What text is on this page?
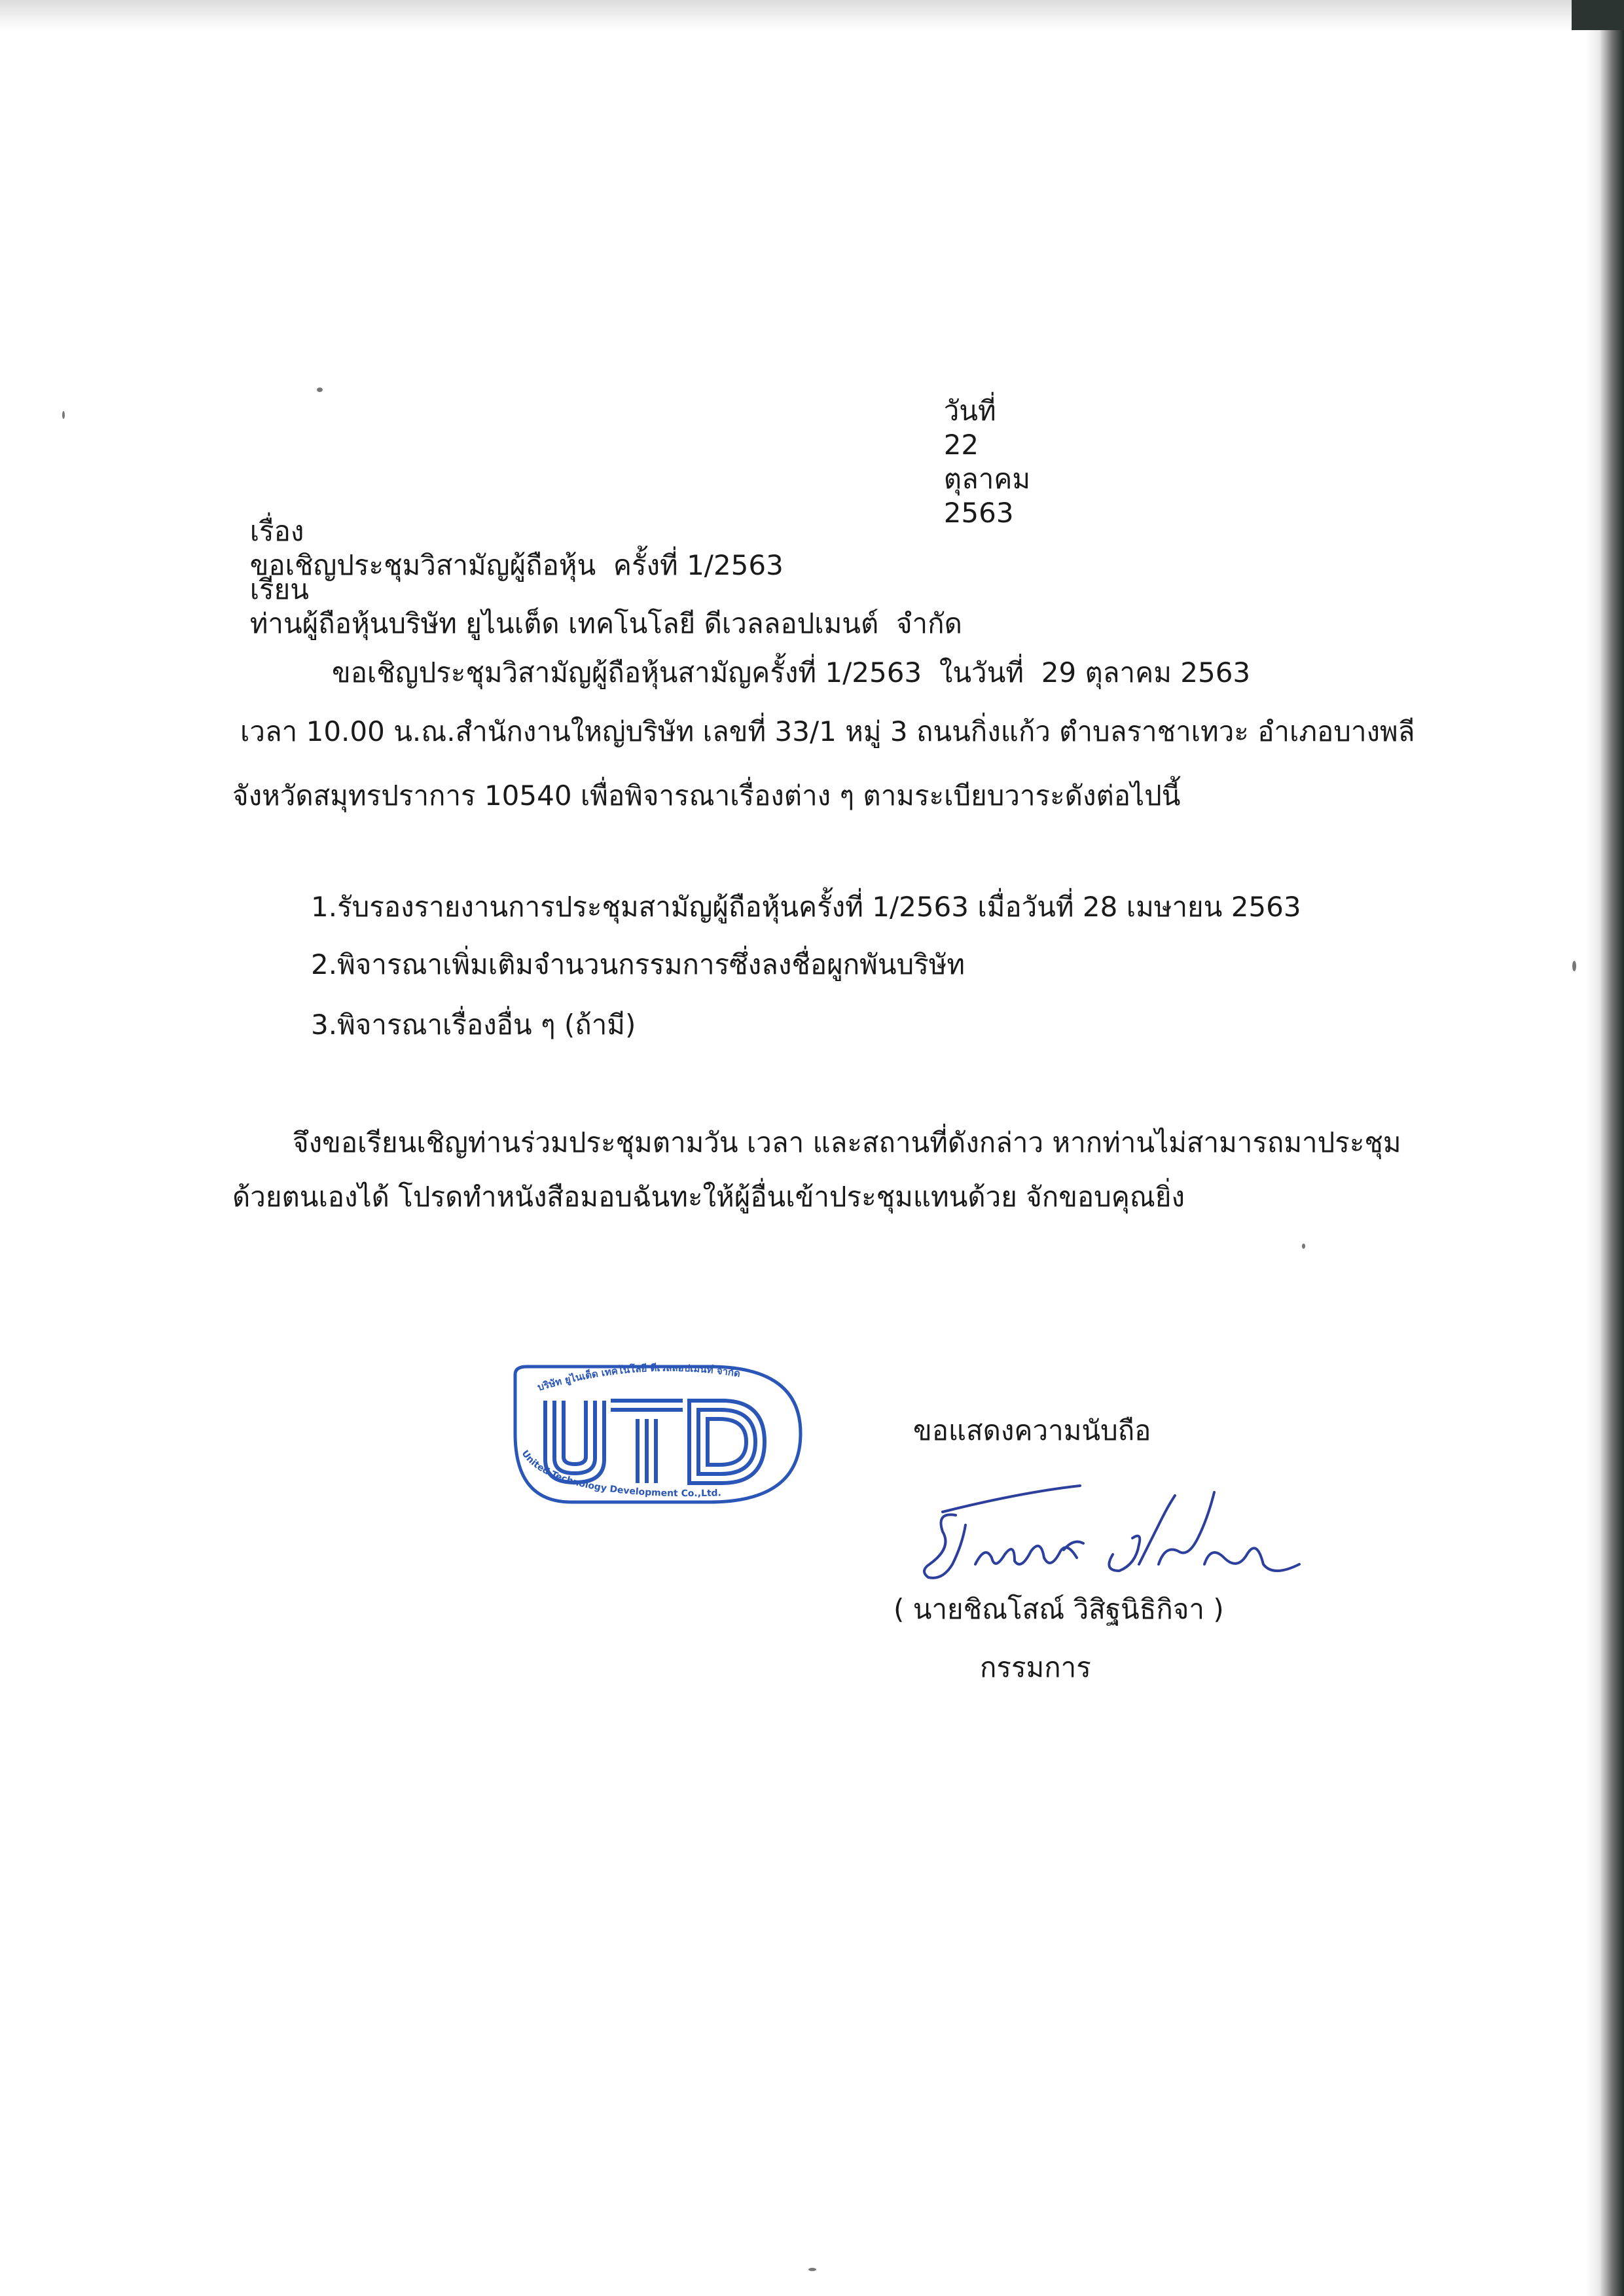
วันที่
22
ตุลาคม
2563

เรื่อง
ขอเชิญประชุมวิสามัญผู้ถือหุ้น  ครั้งที่ 1/2563

เรียน
ท่านผู้ถือหุ้นบริษัท ยูไนเต็ด เทคโนโลยี ดีเวลลอปเมนต์  จำกัด

ขอเชิญประชุมวิสามัญผู้ถือหุ้นสามัญครั้งที่ 1/2563  ในวันที่  29 ตุลาคม 2563
เวลา 10.00 น.ณ.สำนักงานใหญ่บริษัท เลขที่ 33/1 หมู่ 3 ถนนกิ่งแก้ว ตำบลราชาเทวะ อำเภอบางพลี
จังหวัดสมุทรปราการ 10540 เพื่อพิจารณาเรื่องต่าง ๆ ตามระเบียบวาระดังต่อไปนี้
1.รับรองรายงานการประชุมสามัญผู้ถือหุ้นครั้งที่ 1/2563 เมื่อวันที่ 28 เมษายน 2563
2.พิจารณาเพิ่มเติมจำนวนกรรมการซึ่งลงชื่อผูกพันบริษัท
3.พิจารณาเรื่องอื่น ๆ (ถ้ามี)
จึงขอเรียนเชิญท่านร่วมประชุมตามวัน เวลา และสถานที่ดังกล่าว หากท่านไม่สามารถมาประชุม
ด้วยตนเองได้ โปรดทำหนังสือมอบฉันทะให้ผู้อื่นเข้าประชุมแทนด้วย จักขอบคุณยิ่ง
บริษัท ยูไนเต็ด เทคโนโลยี ดีเวลลอปเมนท์ จำกัด
United Technology Development Co.,Ltd.
ขอแสดงความนับถือ
( นายชิณโสณ์ วิสิฐนิธิกิจา )
กรรมการ
